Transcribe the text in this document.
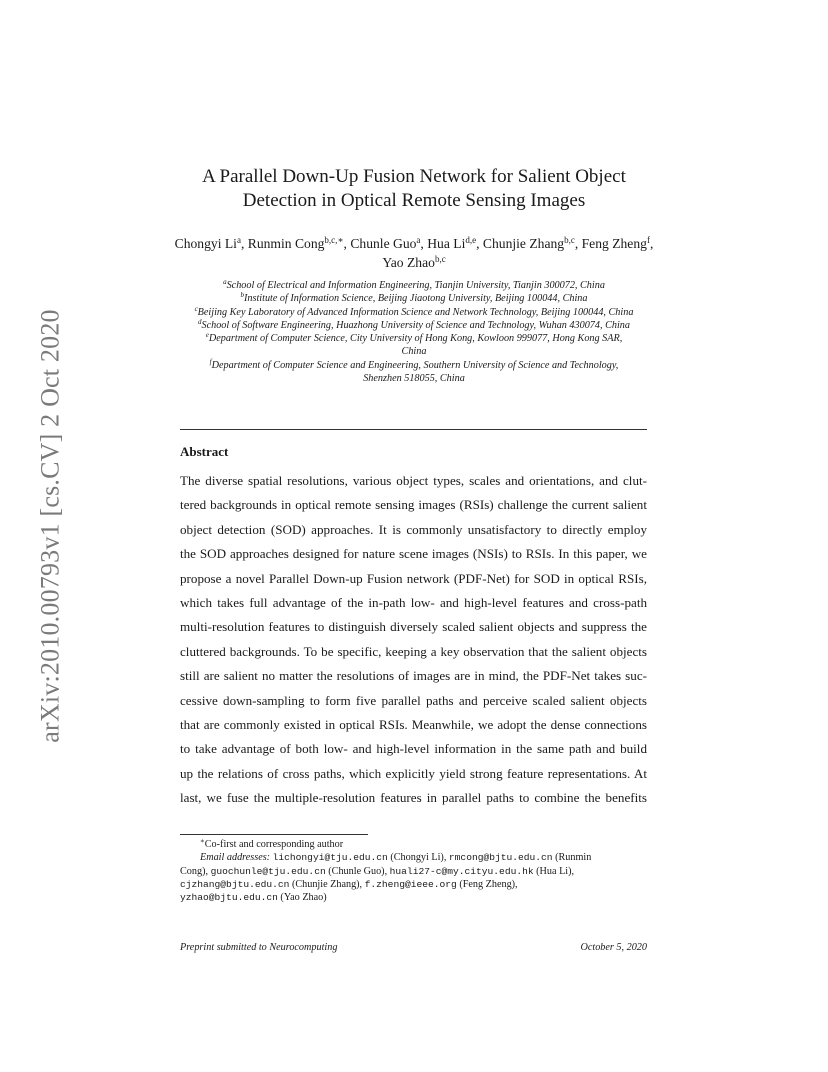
arXiv:2010.00793v1 [cs.CV] 2 Oct 2020
A Parallel Down-Up Fusion Network for Salient Object
Detection in Optical Remote Sensing Images
Chongyi Li$^a$, Runmin Cong$^{b,c,∗}$, Chunle Guo$^a$, Hua Li$^{d,e}$, Chunjie Zhang$^{b,c}$, Feng Zheng$^f$, Yao Zhao$^{b,c}$
$^a$School of Electrical and Information Engineering, Tianjin University, Tianjin 300072, China
$^b$Institute of Information Science, Beijing Jiaotong University, Beijing 100044, China
$^c$Beijing Key Laboratory of Advanced Information Science and Network Technology, Beijing 100044, China
$^d$School of Software Engineering, Huazhong University of Science and Technology, Wuhan 430074, China
$^e$Department of Computer Science, City University of Hong Kong, Kowloon 999077, Hong Kong SAR,
China
$^f$Department of Computer Science and Engineering, Southern University of Science and Technology,
Shenzhen 518055, China
Abstract
The diverse spatial resolutions, various object types, scales and orientations, and clut-
tered backgrounds in optical remote sensing images (RSIs) challenge the current salient
object detection (SOD) approaches. It is commonly unsatisfactory to directly employ
the SOD approaches designed for nature scene images (NSIs) to RSIs. In this paper, we
propose a novel Parallel Down-up Fusion network (PDF-Net) for SOD in optical RSIs,
which takes full advantage of the in-path low- and high-level features and cross-path
multi-resolution features to distinguish diversely scaled salient objects and suppress the
cluttered backgrounds. To be specific, keeping a key observation that the salient objects
still are salient no matter the resolutions of images are in mind, the PDF-Net takes suc-
cessive down-sampling to form five parallel paths and perceive scaled salient objects
that are commonly existed in optical RSIs. Meanwhile, we adopt the dense connections
to take advantage of both low- and high-level information in the same path and build
up the relations of cross paths, which explicitly yield strong feature representations. At
last, we fuse the multiple-resolution features in parallel paths to combine the benefits
∗Co-first and corresponding author
Email addresses: lichongyi@tju.edu.cn (Chongyi Li), rmcong@bjtu.edu.cn (Runmin
Cong), guochunle@tju.edu.cn (Chunle Guo), huali27-c@my.cityu.edu.hk (Hua Li),
cjzhang@bjtu.edu.cn (Chunjie Zhang), f.zheng@ieee.org (Feng Zheng),
yzhao@bjtu.edu.cn (Yao Zhao)
Preprint submitted to Neurocomputing	October 5, 2020
